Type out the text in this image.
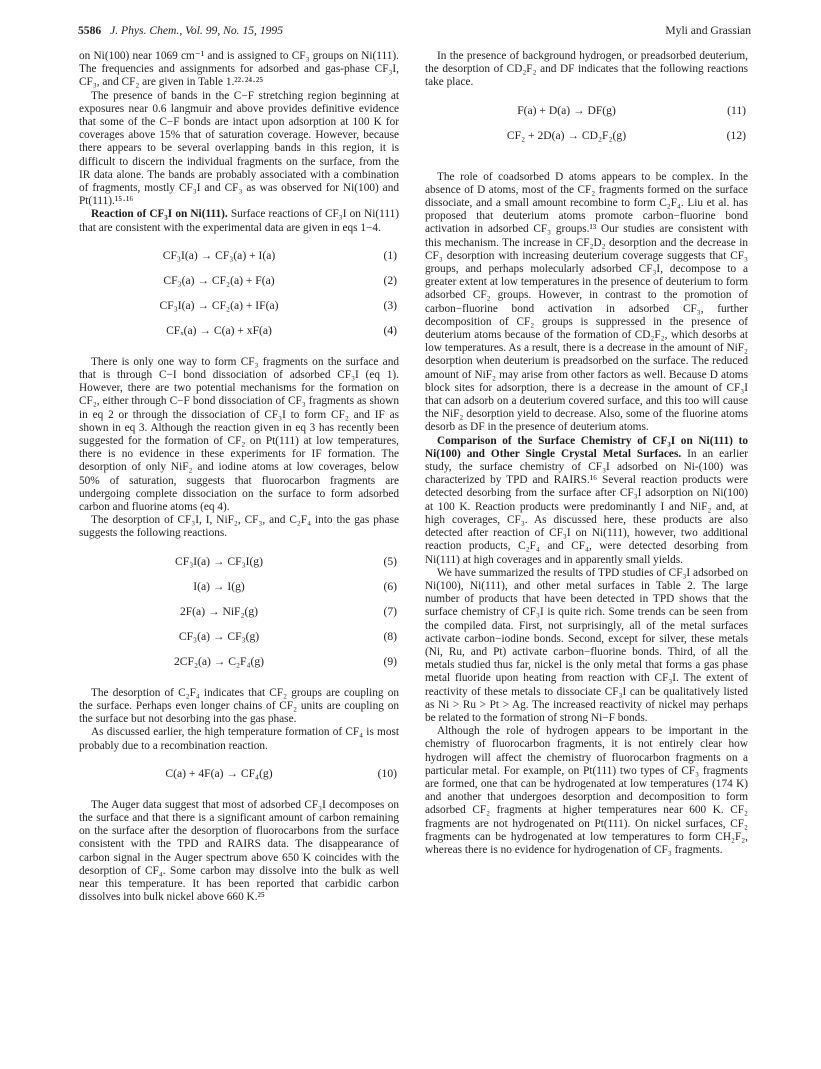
5586 J. Phys. Chem., Vol. 99, No. 15, 1995	Myli and Grassian

on Ni(100) near 1069 cm⁻¹ and is assigned to CF₃ groups on Ni(111). The frequencies and assignments for adsorbed and gas-phase CF₃I, CF₃, and CF₂ are given in Table 1.²²·²⁴·²⁵

The presence of bands in the C−F stretching region beginning at exposures near 0.6 langmuir and above provides definitive evidence that some of the C−F bonds are intact upon adsorption at 100 K for coverages above 15% that of saturation coverage. However, because there appears to be several overlapping bands in this region, it is difficult to discern the individual fragments on the surface, from the IR data alone. The bands are probably associated with a combination of fragments, mostly CF₃I and CF₃ as was observed for Ni(100) and Pt(111).¹⁵·¹⁶

Reaction of CF₃I on Ni(111). Surface reactions of CF₃I on Ni(111) that are consistent with the experimental data are given in eqs 1−4.

CF₃I(a) → CF₃(a) + I(a)	(1)
CF₃(a) → CF₂(a) + F(a)	(2)
CF₃I(a) → CF₂(a) + IF(a)	(3)
CFₓ(a) → C(a) + xF(a)	(4)

There is only one way to form CF₃ fragments on the surface and that is through C−I bond dissociation of adsorbed CF₃I (eq 1). However, there are two potential mechanisms for the formation on CF₂, either through C−F bond dissociation of CF₃ fragments as shown in eq 2 or through the dissociation of CF₃I to form CF₂ and IF as shown in eq 3. Although the reaction given in eq 3 has recently been suggested for the formation of CF₂ on Pt(111) at low temperatures, there is no evidence in these experiments for IF formation. The desorption of only NiF₂ and iodine atoms at low coverages, below 50% of saturation, suggests that fluorocarbon fragments are undergoing complete dissociation on the surface to form adsorbed carbon and fluorine atoms (eq 4).

The desorption of CF₃I, I, NiF₂, CF₃, and C₂F₄ into the gas phase suggests the following reactions.

CF₃I(a) → CF₃I(g)	(5)
I(a) → I(g)	(6)
2F(a) → NiF₂(g)	(7)
CF₃(a) → CF₃(g)	(8)
2CF₂(a) → C₂F₄(g)	(9)

The desorption of C₂F₄ indicates that CF₂ groups are coupling on the surface. Perhaps even longer chains of CF₂ units are coupling on the surface but not desorbing into the gas phase.

As discussed earlier, the high temperature formation of CF₄ is most probably due to a recombination reaction.

C(a) + 4F(a) → CF₄(g)	(10)

The Auger data suggest that most of adsorbed CF₃I decomposes on the surface and that there is a significant amount of carbon remaining on the surface after the desorption of fluorocarbons from the surface consistent with the TPD and RAIRS data. The disappearance of carbon signal in the Auger spectrum above 650 K coincides with the desorption of CF₄. Some carbon may dissolve into the bulk as well near this temperature. It has been reported that carbidic carbon dissolves into bulk nickel above 660 K.²⁵

In the presence of background hydrogen, or preadsorbed deuterium, the desorption of CD₂F₂ and DF indicates that the following reactions take place.

F(a) + D(a) → DF(g)	(11)
CF₂ + 2D(a) → CD₂F₂(g)	(12)

The role of coadsorbed D atoms appears to be complex. In the absence of D atoms, most of the CF₂ fragments formed on the surface dissociate, and a small amount recombine to form C₂F₄. Liu et al. has proposed that deuterium atoms promote carbon−fluorine bond activation in adsorbed CF₃ groups.¹³ Our studies are consistent with this mechanism. The increase in CF₂D₂ desorption and the decrease in CF₃ desorption with increasing deuterium coverage suggests that CF₃ groups, and perhaps molecularly adsorbed CF₃I, decompose to a greater extent at low temperatures in the presence of deuterium to form adsorbed CF₂ groups. However, in contrast to the promotion of carbon−fluorine bond activation in adsorbed CF₃, further decomposition of CF₂ groups is suppressed in the presence of deuterium atoms because of the formation of CD₂F₂, which desorbs at low temperatures. As a result, there is a decrease in the amount of NiF₂ desorption when deuterium is preadsorbed on the surface. The reduced amount of NiF₂ may arise from other factors as well. Because D atoms block sites for adsorption, there is a decrease in the amount of CF₃I that can adsorb on a deuterium covered surface, and this too will cause the NiF₂ desorption yield to decrease. Also, some of the fluorine atoms desorb as DF in the presence of deuterium atoms.

Comparison of the Surface Chemistry of CF₃I on Ni(111) to Ni(100) and Other Single Crystal Metal Surfaces. In an earlier study, the surface chemistry of CF₃I adsorbed on Ni-(100) was characterized by TPD and RAIRS.¹⁶ Several reaction products were detected desorbing from the surface after CF₃I adsorption on Ni(100) at 100 K. Reaction products were predominantly I and NiF₂ and, at high coverages, CF₃. As discussed here, these products are also detected after reaction of CF₃I on Ni(111), however, two additional reaction products, C₂F₄ and CF₄, were detected desorbing from Ni(111) at high coverages and in apparently small yields.

We have summarized the results of TPD studies of CF₃I adsorbed on Ni(100), Ni(111), and other metal surfaces in Table 2. The large number of products that have been detected in TPD shows that the surface chemistry of CF₃I is quite rich. Some trends can be seen from the compiled data. First, not surprisingly, all of the metal surfaces activate carbon−iodine bonds. Second, except for silver, these metals (Ni, Ru, and Pt) activate carbon−fluorine bonds. Third, of all the metals studied thus far, nickel is the only metal that forms a gas phase metal fluoride upon heating from reaction with CF₃I. The extent of reactivity of these metals to dissociate CF₃I can be qualitatively listed as Ni > Ru > Pt > Ag. The increased reactivity of nickel may perhaps be related to the formation of strong Ni−F bonds.

Although the role of hydrogen appears to be important in the chemistry of fluorocarbon fragments, it is not entirely clear how hydrogen will affect the chemistry of fluorocarbon fragments on a particular metal. For example, on Pt(111) two types of CF₃ fragments are formed, one that can be hydrogenated at low temperatures (174 K) and another that undergoes desorption and decomposition to form adsorbed CF₂ fragments at higher temperatures near 600 K. CF₂ fragments are not hydrogenated on Pt(111). On nickel surfaces, CF₂ fragments can be hydrogenated at low temperatures to form CH₂F₂, whereas there is no evidence for hydrogenation of CF₃ fragments.
